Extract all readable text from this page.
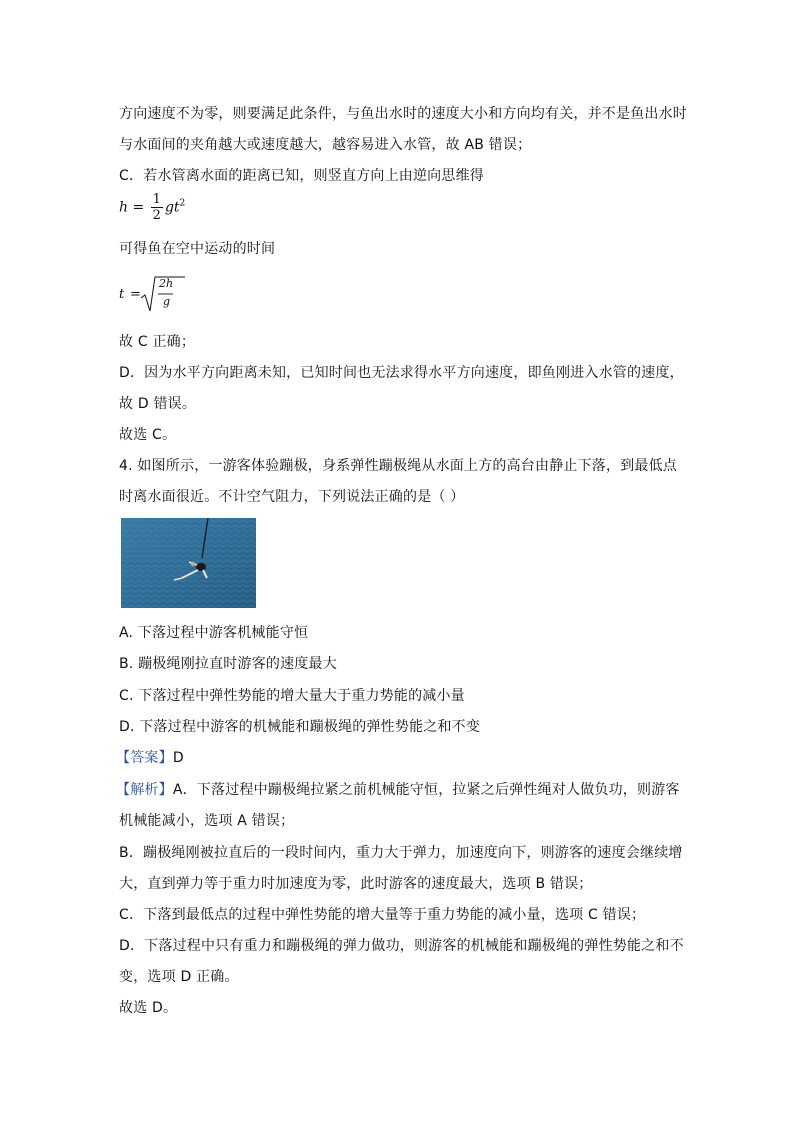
方向速度不为零，则要满足此条件，与鱼出水时的速度大小和方向均有关，并不是鱼出水时
与水面间的夹角越大或速度越大，越容易进入水管，故 AB 错误；
C．若水管离水面的距离已知，则竖直方向上由逆向思维得
$h = \frac{1}{2} gt^2$
可得鱼在空中运动的时间
t =
2h
g
故 C 正确；
D．因为水平方向距离未知，已知时间也无法求得水平方向速度，即鱼刚进入水管的速度，
故 D 错误。
故选 C。
4. 如图所示，一游客体验蹦极，身系弹性蹦极绳从水面上方的高台由静止下落，到最低点
时离水面很近。不计空气阻力，下列说法正确的是（ ）
A. 下落过程中游客机械能守恒
B. 蹦极绳刚拉直时游客的速度最大
C. 下落过程中弹性势能的增大量大于重力势能的减小量
D. 下落过程中游客的机械能和蹦极绳的弹性势能之和不变
【答案】D
【解析】A．下落过程中蹦极绳拉紧之前机械能守恒，拉紧之后弹性绳对人做负功，则游客
机械能减小，选项 A 错误；
B．蹦极绳刚被拉直后的一段时间内，重力大于弹力，加速度向下，则游客的速度会继续增
大，直到弹力等于重力时加速度为零，此时游客的速度最大，选项 B 错误；
C．下落到最低点的过程中弹性势能的增大量等于重力势能的减小量，选项 C 错误；
D．下落过程中只有重力和蹦极绳的弹力做功，则游客的机械能和蹦极绳的弹性势能之和不
变，选项 D 正确。
故选 D。
